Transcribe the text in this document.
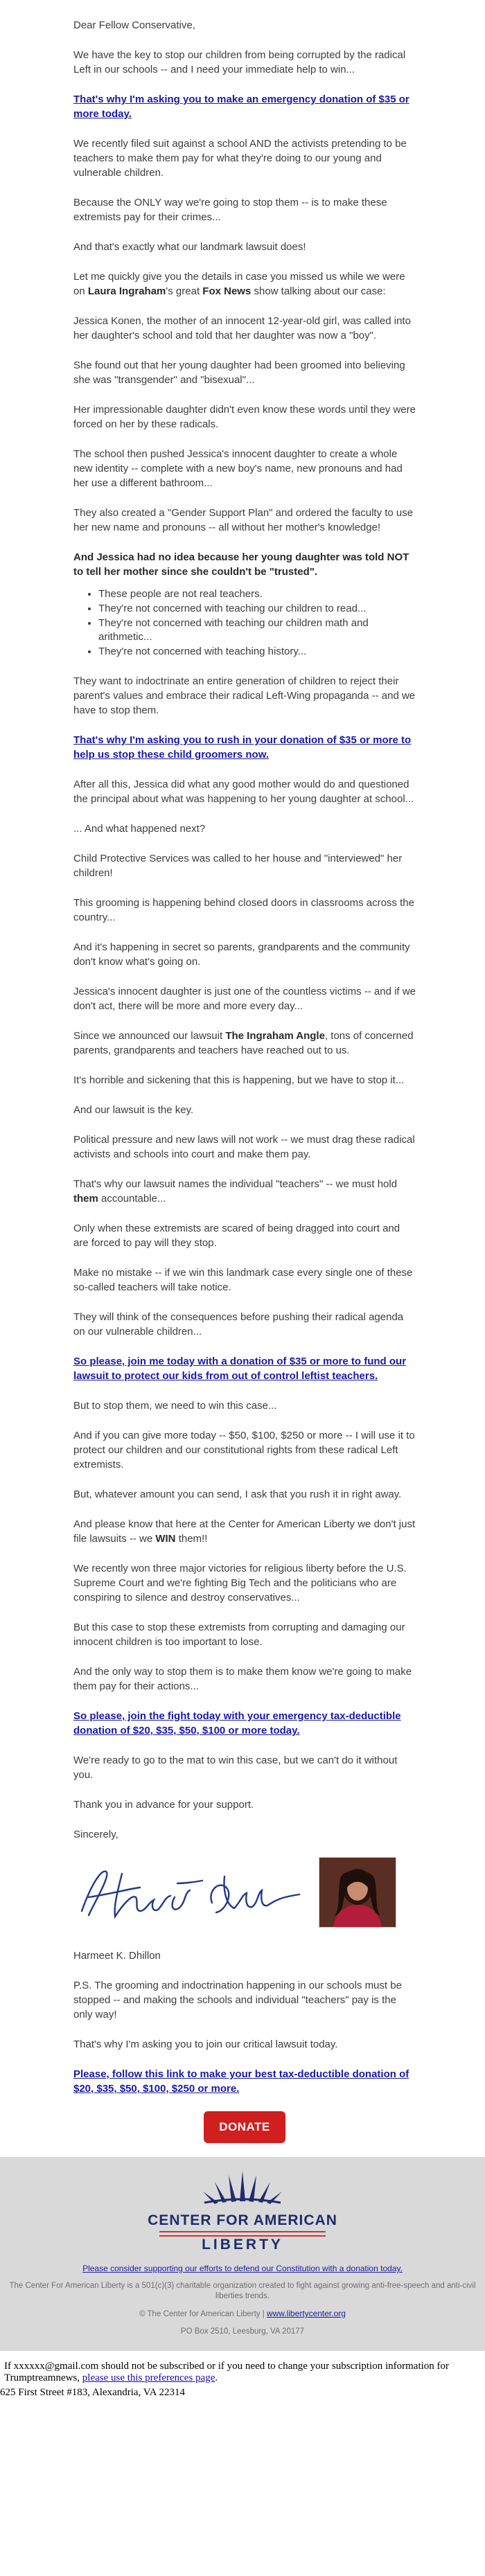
Dear Fellow Conservative,

We have the key to stop our children from being corrupted by the radical Left in our schools -- and I need your immediate help to win...

That's why I'm asking you to make an emergency donation of $35 or more today.

We recently filed suit against a school AND the activists pretending to be teachers to make them pay for what they're doing to our young and vulnerable children.

Because the ONLY way we're going to stop them -- is to make these extremists pay for their crimes...

And that's exactly what our landmark lawsuit does!

Let me quickly give you the details in case you missed us while we were on Laura Ingraham's great Fox News show talking about our case:

Jessica Konen, the mother of an innocent 12-year-old girl, was called into her daughter's school and told that her daughter was now a "boy".

She found out that her young daughter had been groomed into believing she was "transgender" and "bisexual"...

Her impressionable daughter didn't even know these words until they were forced on her by these radicals.

The school then pushed Jessica's innocent daughter to create a whole new identity -- complete with a new boy's name, new pronouns and had her use a different bathroom...

They also created a "Gender Support Plan" and ordered the faculty to use her new name and pronouns -- all without her mother's knowledge!

And Jessica had no idea because her young daughter was told NOT to tell her mother since she couldn't be "trusted".

• These people are not real teachers.
• They're not concerned with teaching our children to read...
• They're not concerned with teaching our children math and arithmetic...
• They're not concerned with teaching history...

They want to indoctrinate an entire generation of children to reject their parent's values and embrace their radical Left-Wing propaganda -- and we have to stop them.

That's why I'm asking you to rush in your donation of $35 or more to help us stop these child groomers now.

After all this, Jessica did what any good mother would do and questioned the principal about what was happening to her young daughter at school...

... And what happened next?

Child Protective Services was called to her house and "interviewed" her children!

This grooming is happening behind closed doors in classrooms across the country...

And it's happening in secret so parents, grandparents and the community don't know what's going on.

Jessica's innocent daughter is just one of the countless victims -- and if we don't act, there will be more and more every day...

Since we announced our lawsuit The Ingraham Angle, tons of concerned parents, grandparents and teachers have reached out to us.

It's horrible and sickening that this is happening, but we have to stop it...

And our lawsuit is the key.

Political pressure and new laws will not work -- we must drag these radical activists and schools into court and make them pay.

That's why our lawsuit names the individual "teachers" -- we must hold them accountable...

Only when these extremists are scared of being dragged into court and are forced to pay will they stop.

Make no mistake -- if we win this landmark case every single one of these so-called teachers will take notice.

They will think of the consequences before pushing their radical agenda on our vulnerable children...

So please, join me today with a donation of $35 or more to fund our lawsuit to protect our kids from out of control leftist teachers.

But to stop them, we need to win this case...

And if you can give more today -- $50, $100, $250 or more -- I will use it to protect our children and our constitutional rights from these radical Left extremists.

But, whatever amount you can send, I ask that you rush it in right away.

And please know that here at the Center for American Liberty we don't just file lawsuits -- we WIN them!!

We recently won three major victories for religious liberty before the U.S. Supreme Court and we're fighting Big Tech and the politicians who are conspiring to silence and destroy conservatives...

But this case to stop these extremists from corrupting and damaging our innocent children is too important to lose.

And the only way to stop them is to make them know we're going to make them pay for their actions...

So please, join the fight today with your emergency tax-deductible donation of $20, $35, $50, $100 or more today.

We're ready to go to the mat to win this case, but we can't do it without you.

Thank you in advance for your support.

Sincerely,

Harmeet K. Dhillon

P.S. The grooming and indoctrination happening in our schools must be stopped -- and making the schools and individual "teachers" pay is the only way!

That's why I'm asking you to join our critical lawsuit today.

Please, follow this link to make your best tax-deductible donation of $20, $35, $50, $100, $250 or more.

DONATE
CENTER FOR AMERICAN
LIBERTY
Please consider supporting our efforts to defend our Constitution with a donation today.
The Center For American Liberty is a 501(c)(3) charitable organization created to fight against growing anti-free-speech and anti-civil liberties trends.
© The Center for American Liberty | www.libertycenter.org
PO Box 2510, Leesburg, VA 20177
If xxxxxx@gmail.com should not be subscribed or if you need to change your subscription information for Trumptreamnews, please use this preferences page.
625 First Street #183, Alexandria, VA 22314
